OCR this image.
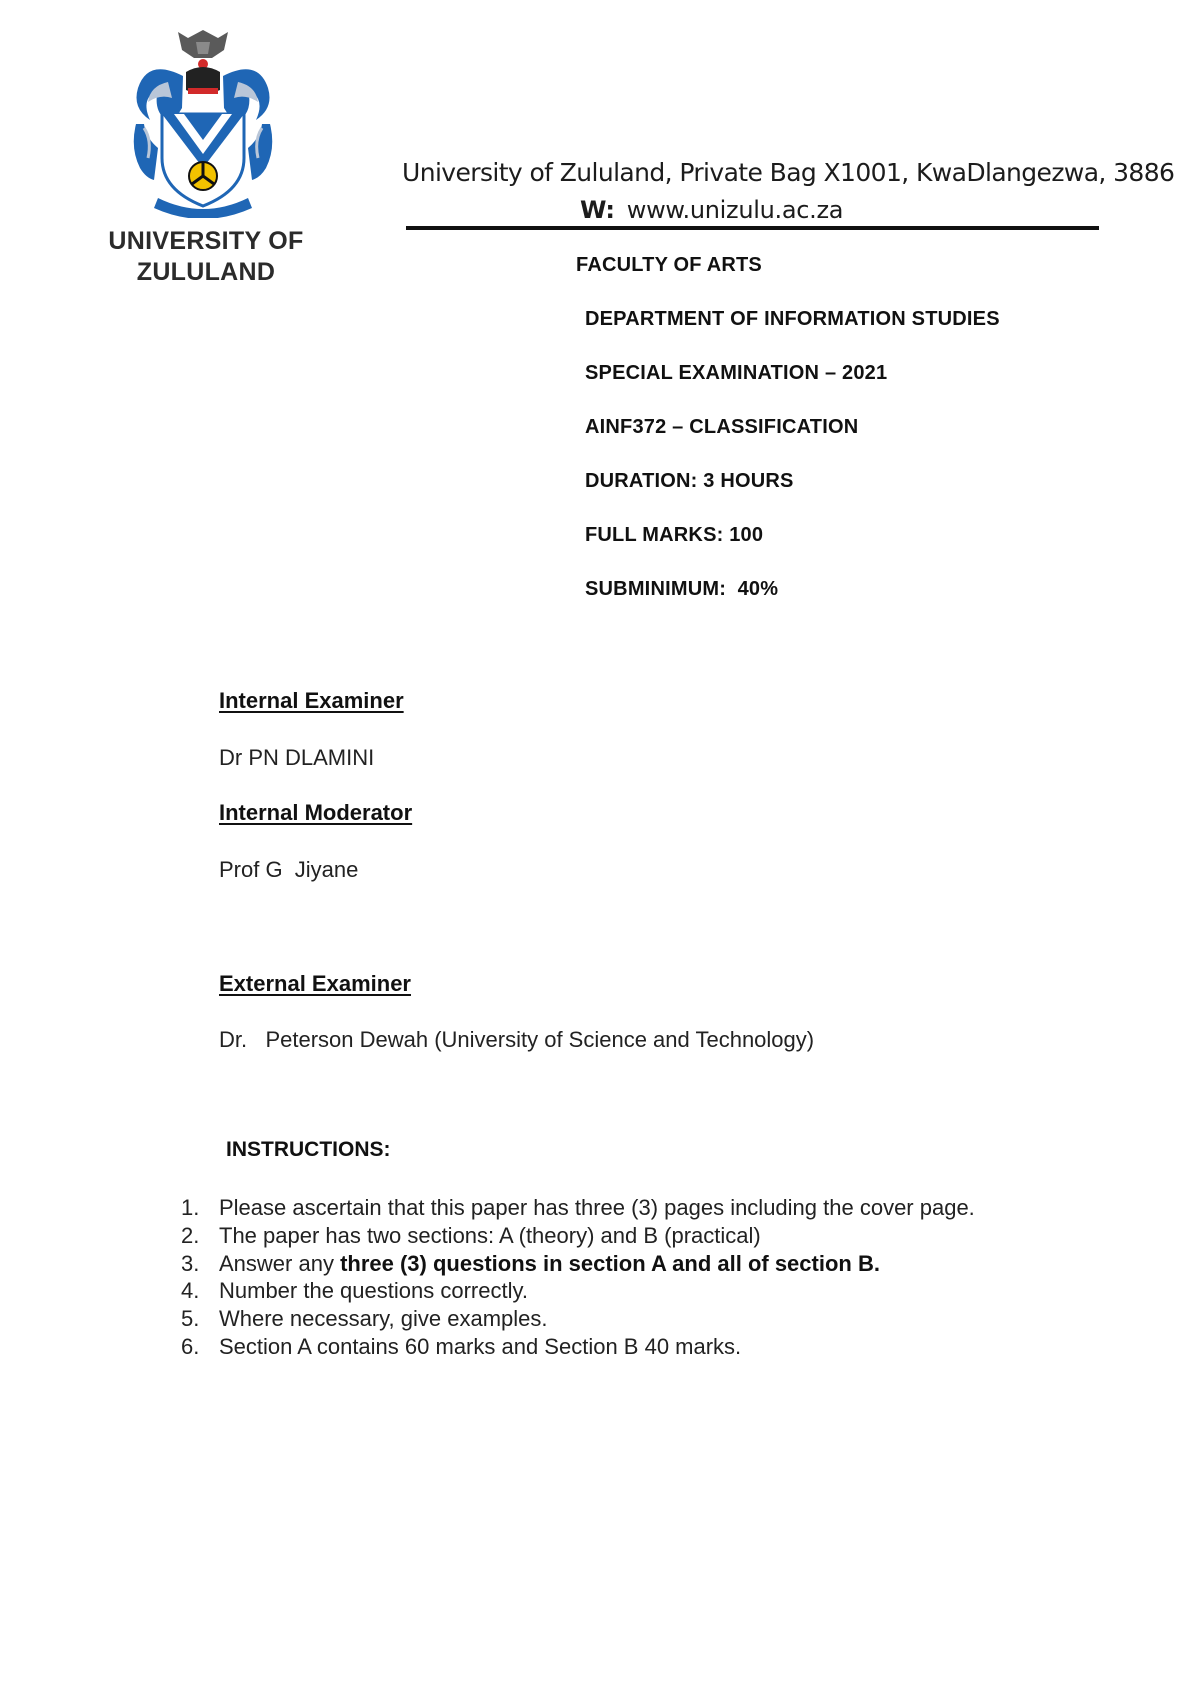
UNIVERSITY OF
ZULULAND
University of Zululand, Private Bag X1001, KwaDlangezwa, 3886
W: www.unizulu.ac.za
FACULTY OF ARTS
DEPARTMENT OF INFORMATION STUDIES
SPECIAL EXAMINATION – 2021
AINF372 – CLASSIFICATION
DURATION: 3 HOURS
FULL MARKS: 100
SUBMINIMUM:  40%
Internal Examiner
Dr PN DLAMINI
Internal Moderator
Prof G  Jiyane
External Examiner
Dr.   Peterson Dewah (University of Science and Technology)
INSTRUCTIONS:
1. Please ascertain that this paper has three (3) pages including the cover page.
2. The paper has two sections: A (theory) and B (practical)
3. Answer any three (3) questions in section A and all of section B.
4. Number the questions correctly.
5. Where necessary, give examples.
6. Section A contains 60 marks and Section B 40 marks.
